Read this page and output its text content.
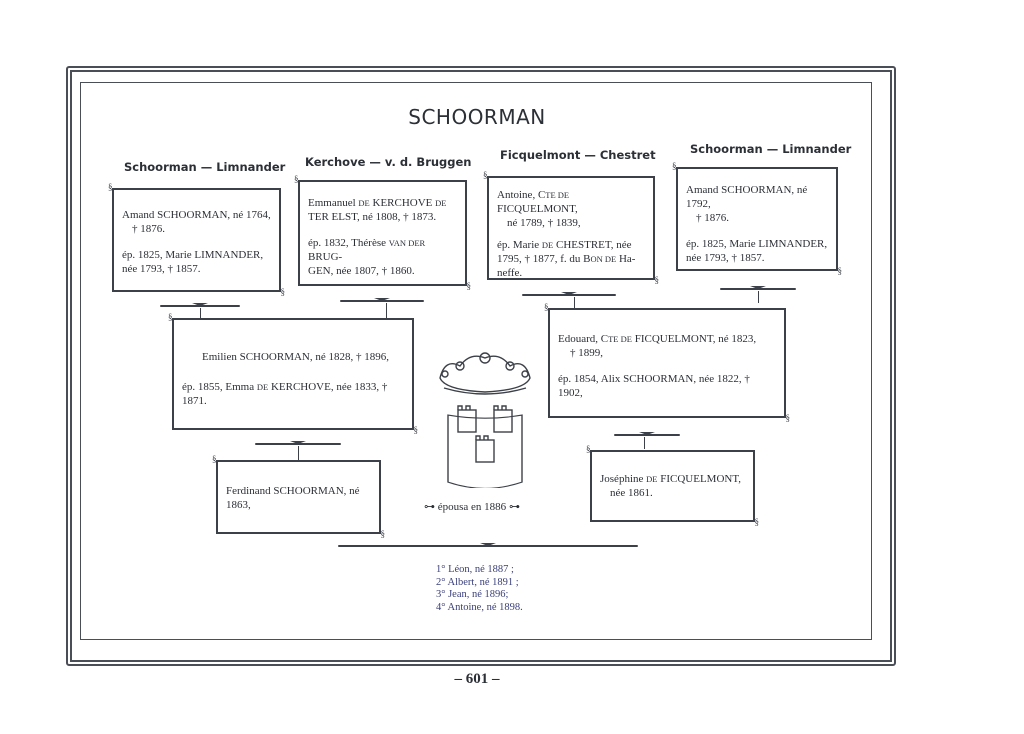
SCHOORMAN
Schoorman — Limnander Kerchove — v. d. Bruggen Ficquelmont — Chestret	Schoorman — Limnander

§ Amand SCHOORMAN, né 1764,

† 1876.

ép. 1825, Marie LIMNANDER,

née 1793, † 1857.

§

§ Emmanuel DE KERCHOVE DE

TER ELST, né 1808, † 1873.

ép. 1832, Thérèse VAN DER BRUG-

GEN, née 1807, † 1860.

§

§ Antoine, CTE DE FICQUELMONT,

né 1789, † 1839,

ép. Marie DE CHESTRET, née

1795, † 1877, f. du BON DE Ha-

neffe.

§

§ Amand SCHOORMAN, né 1792,

† 1876.

ép. 1825, Marie LIMNANDER,

née 1793, † 1857.

§

§ Emilien SCHOORMAN, né 1828, † 1896,

ép. 1855, Emma DE KERCHOVE, née 1833, † 1871.

§

§ Edouard, CTE DE FICQUELMONT, né 1823,

† 1899,

ép. 1854, Alix SCHOORMAN, née 1822, † 1902,

§

§ Ferdinand SCHOORMAN, né

1863,

§

§ Joséphine DE FICQUELMONT,

née 1861.

§
⊶ épousa en 1886 ⊶
1° Léon, né 1887 ;
2° Albert, né 1891 ;
3° Jean, né 1896;
4° Antoine, né 1898.
– 601 –
